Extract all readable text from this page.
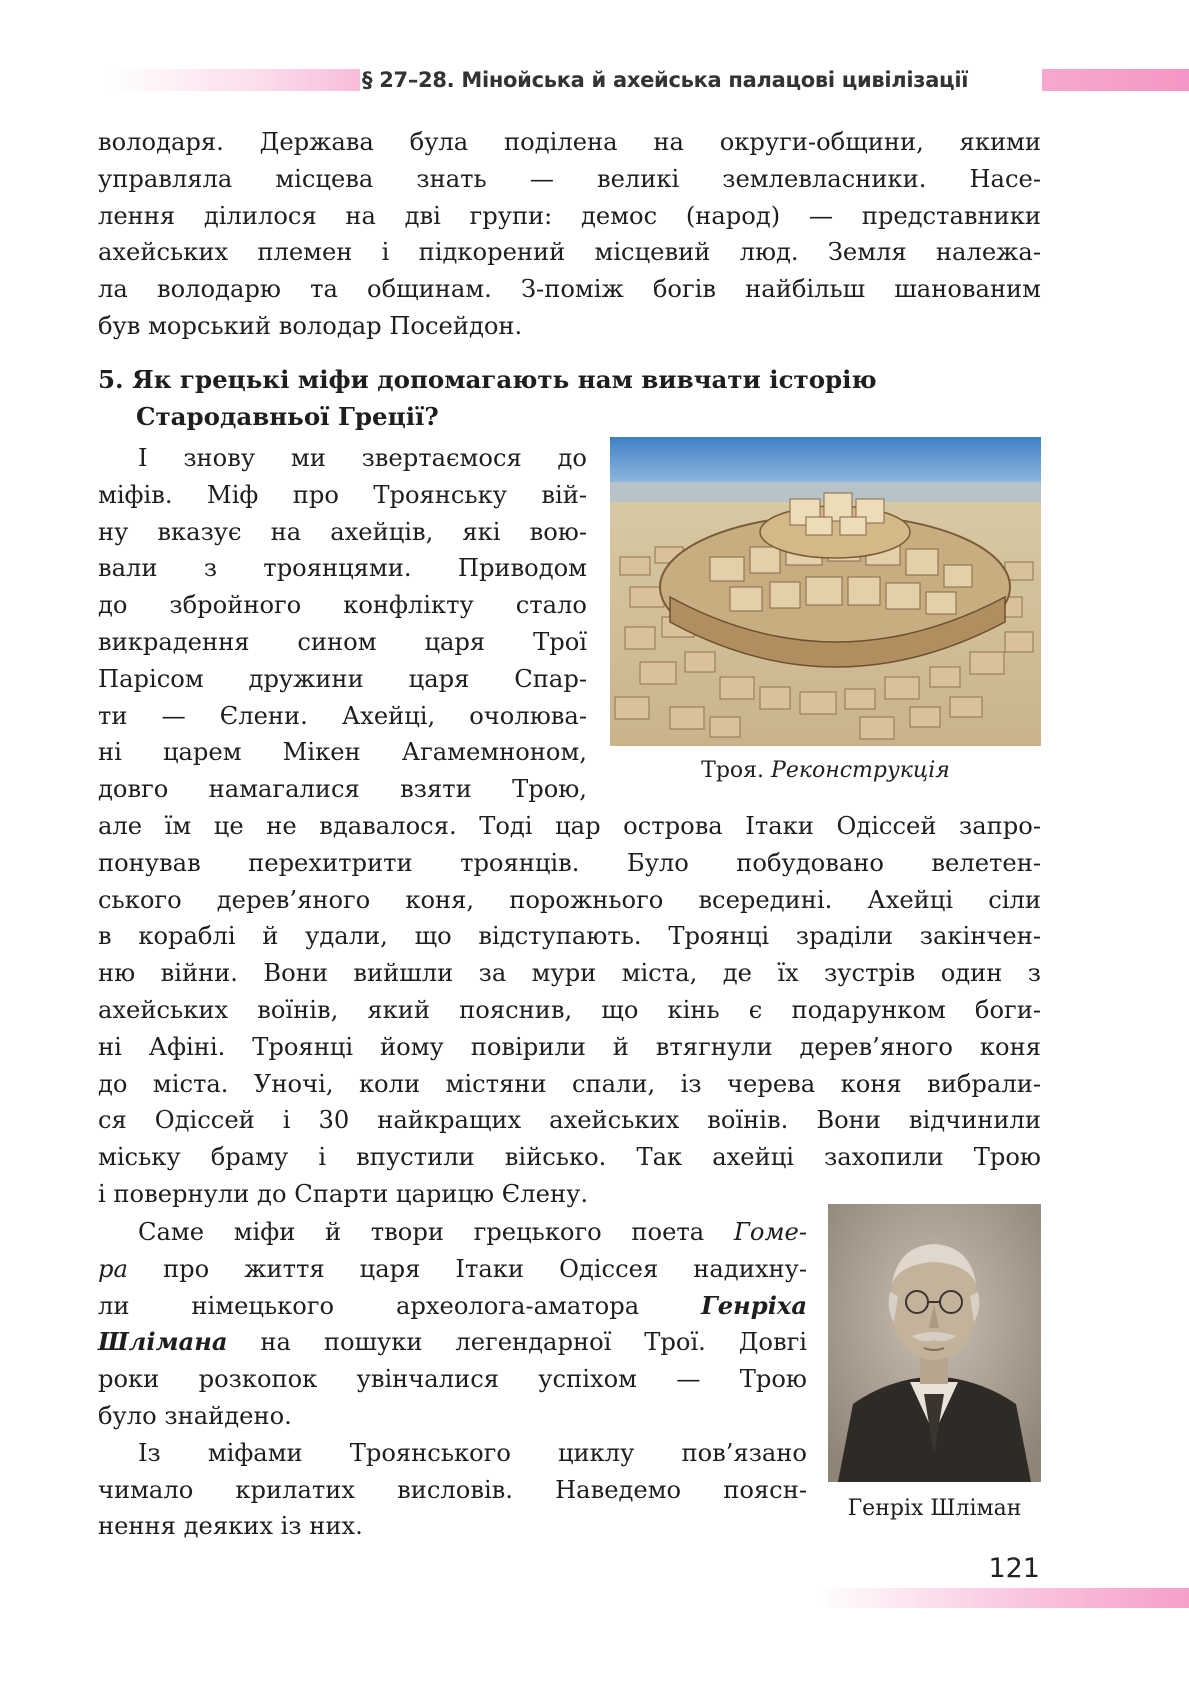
§ 27–28. Мінойська й ахейська палацові цивілізації
володаря. Держава була поділена на округи-общини, якими
управляла місцева знать — великі землевласники. Насе-
лення ділилося на дві групи: демос (народ) — представники
ахейських племен і підкорений місцевий люд. Земля належа-
ла володарю та общинам. З-поміж богів найбільш шанованим
був морський володар Посейдон.
5. Як грецькі міфи допомагають нам вивчати історію
Стародавньої Греції?
І знову ми звертаємося до
міфів. Міф про Троянську вій-
ну вказує на ахейців, які вою-
вали з троянцями. Приводом
до збройного конфлікту стало
викрадення сином царя Трої
Парісом дружини царя Спар-
ти — Єлени. Ахейці, очолюва-
ні царем Мікен Агамемноном,
довго намагалися взяти Трою,
Троя. Реконструкція
але їм це не вдавалося. Тоді цар острова Ітаки Одіссей запро-
понував перехитрити троянців. Було побудовано велетен-
ського дерев’яного коня, порожнього всередині. Ахейці сіли
в кораблі й удали, що відступають. Троянці зраділи закінчен-
ню війни. Вони вийшли за мури міста, де їх зустрів один з
ахейських воїнів, який пояснив, що кінь є подарунком боги-
ні Афіні. Троянці йому повірили й втягнули дерев’яного коня
до міста. Уночі, коли містяни спали, із черева коня вибрали-
ся Одіссей і 30 найкращих ахейських воїнів. Вони відчинили
міську браму і впустили військо. Так ахейці захопили Трою
і повернули до Спарти царицю Єлену.
Саме міфи й твори грецького поета Гоме-
ра про життя царя Ітаки Одіссея надихну-
ли німецького археолога-аматора Генріха
Шлімана на пошуки легендарної Трої. Довгі
роки розкопок увінчалися успіхом — Трою
було знайдено.
Із міфами Троянського циклу пов’язано
чимало крилатих висловів. Наведемо поясн-
нення деяких із них.
Генріх Шліман
121
